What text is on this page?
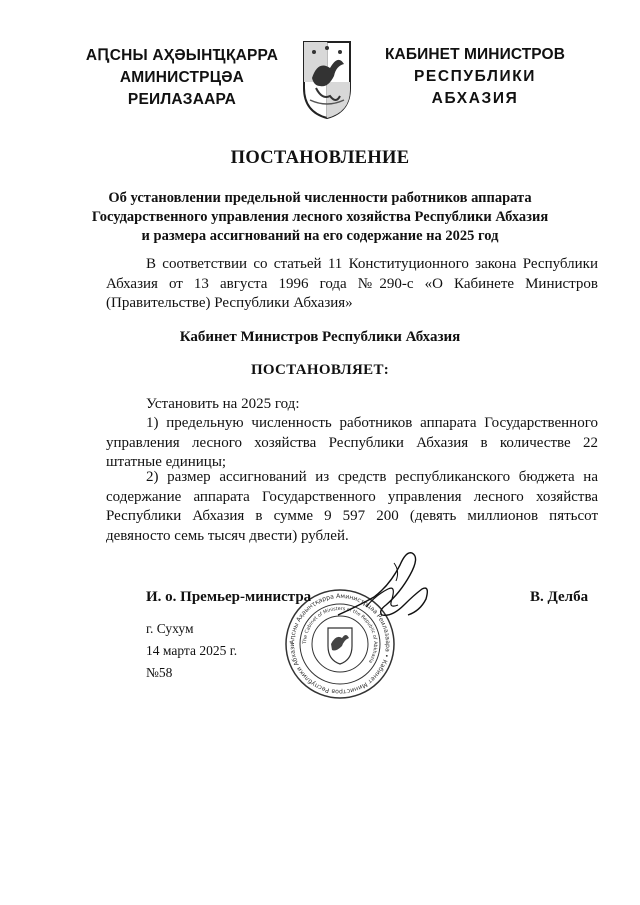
АԤСНЫ АҲӘЫНҴҚАРРА
АМИНИСТРЦӘА РЕИЛАЗААРА
КАБИНЕТ МИНИСТРОВ
РЕСПУБЛИКИ АБХАЗИЯ
ПОСТАНОВЛЕНИЕ
Об установлении предельной численности работников аппарата
Государственного управления лесного хозяйства Республики Абхазия
и размера ассигнований на его содержание на 2025 год
В соответствии со статьей 11 Конституционного закона Республики
Абхазия от 13 августа 1996 года №290-с «О Кабинете Министров
(Правительстве) Республики Абхазия»
Кабинет Министров Республики Абхазия
ПОСТАНОВЛЯЕТ:
Установить на 2025 год:
1) предельную численность работников аппарата Государственного
управления лесного хозяйства Республики Абхазия в количестве 22
штатные единицы;
2) размер ассигнований из средств республиканского бюджета на
содержание аппарата Государственного управления лесного хозяйства
Республики Абхазия в сумме 9 597 200 (девять миллионов пятьсот
девяносто семь тысяч двести) рублей.
Аԥсны Аҳәынҭқарра Аминистрцәа Реилазаара • Кабинет Министров Республики Абхази	The Cabinet of Ministers of the Republic of Abkhazia
И. о. Премьер-министра	В. Делба
г. Сухум
14 марта 2025 г.
№58
